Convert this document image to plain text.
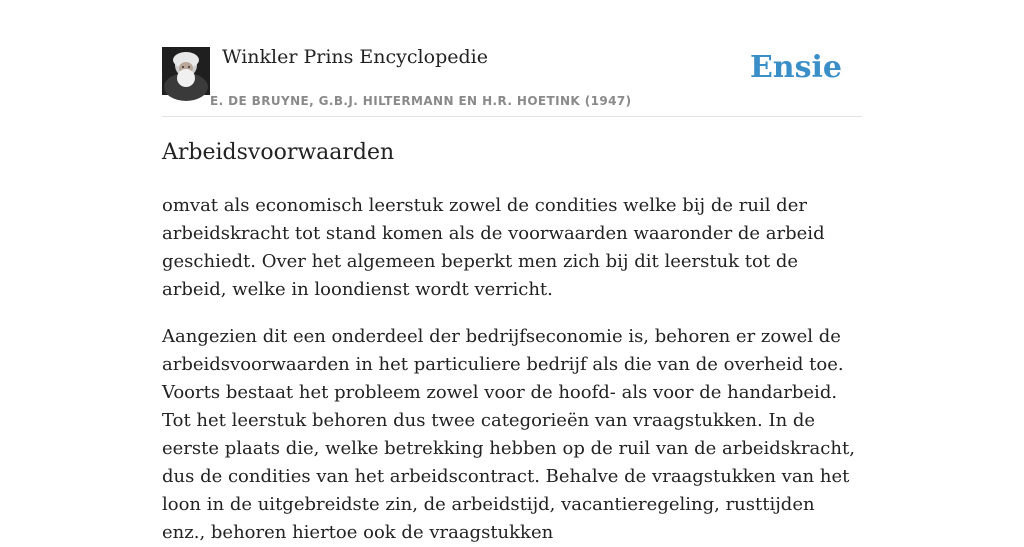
Winkler Prins Encyclopedie
E. DE BRUYNE, G.B.J. HILTERMANN EN H.R. HOETINK (1947)
Ensie
Arbeidsvoorwaarden

omvat als economisch leerstuk zowel de condities welke bij de ruil der arbeidskracht tot stand komen als de voorwaarden waaronder de arbeid geschiedt. Over het algemeen beperkt men zich bij dit leerstuk tot de arbeid, welke in loondienst wordt verricht.

Aangezien dit een onderdeel der bedrijfseconomie is, behoren er zowel de arbeidsvoorwaarden in het particuliere bedrijf als die van de overheid toe. Voorts bestaat het probleem zowel voor de hoofd- als voor de handarbeid. Tot het leerstuk behoren dus twee categorieën van vraagstukken. In de eerste plaats die, welke betrekking hebben op de ruil van de arbeidskracht, dus de condities van het arbeidscontract. Behalve de vraagstukken van het loon in de uitgebreidste zin, de arbeidstijd, vacantieregeling, rusttijden enz., behoren hiertoe ook de vraagstukken
